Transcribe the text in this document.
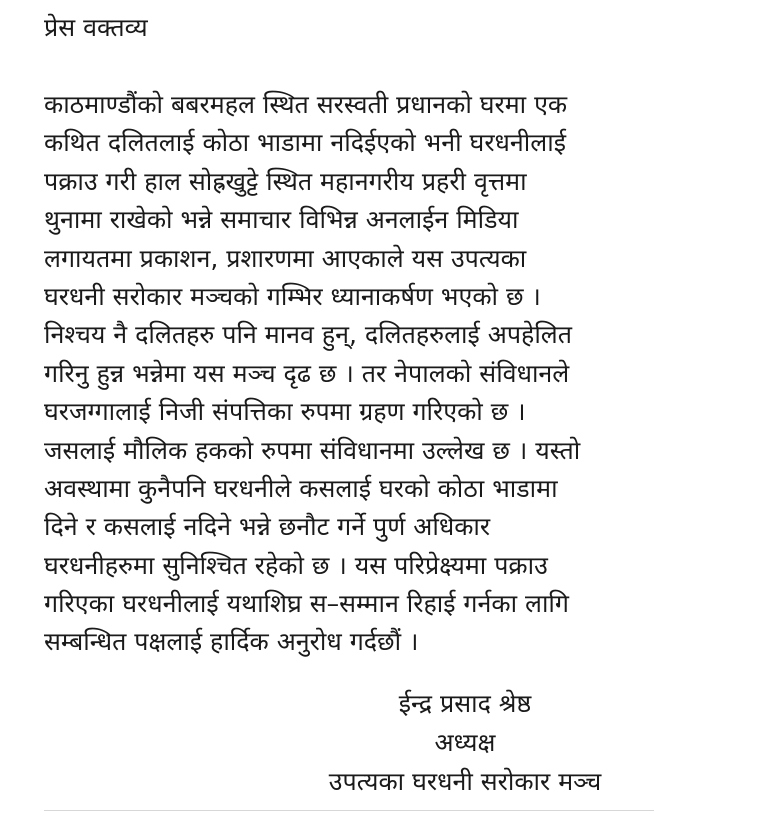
प्रेस वक्तव्य
काठमाण्डौंको बबरमहल स्थित सरस्वती प्रधानको घरमा एक
कथित दलितलाई कोठा भाडामा नदिईएको भनी घरधनीलाई
पक्राउ गरी हाल सोह्रखुट्टे स्थित महानगरीय प्रहरी वृत्तमा
थुनामा राखेको भन्ने समाचार विभिन्न अनलाईन मिडिया
लगायतमा प्रकाशन, प्रशारणमा आएकाले यस उपत्यका
घरधनी सरोकार मञ्चको गम्भिर ध्यानाकर्षण भएको छ ।
निश्चय नै दलितहरु पनि मानव हुन्, दलितहरुलाई अपहेलित
गरिनु हुन्न भन्नेमा यस मञ्च दृढ छ । तर नेपालको संविधानले
घरजग्गालाई निजी संपत्तिका रुपमा ग्रहण गरिएको छ ।
जसलाई मौलिक हकको रुपमा संविधानमा उल्लेख छ । यस्तो
अवस्थामा कुनैपनि घरधनीले कसलाई घरको कोठा भाडामा
दिने र कसलाई नदिने भन्ने छनौट गर्ने पुर्ण अधिकार
घरधनीहरुमा सुनिश्चित रहेको छ । यस परिप्रेक्ष्यमा पक्राउ
गरिएका घरधनीलाई यथाशिघ्र स–सम्मान रिहाई गर्नका लागि
सम्बन्धित पक्षलाई हार्दिक अनुरोध गर्दछौं ।
ईन्द्र प्रसाद श्रेष्ठ
अध्यक्ष
उपत्यका घरधनी सरोकार मञ्च
